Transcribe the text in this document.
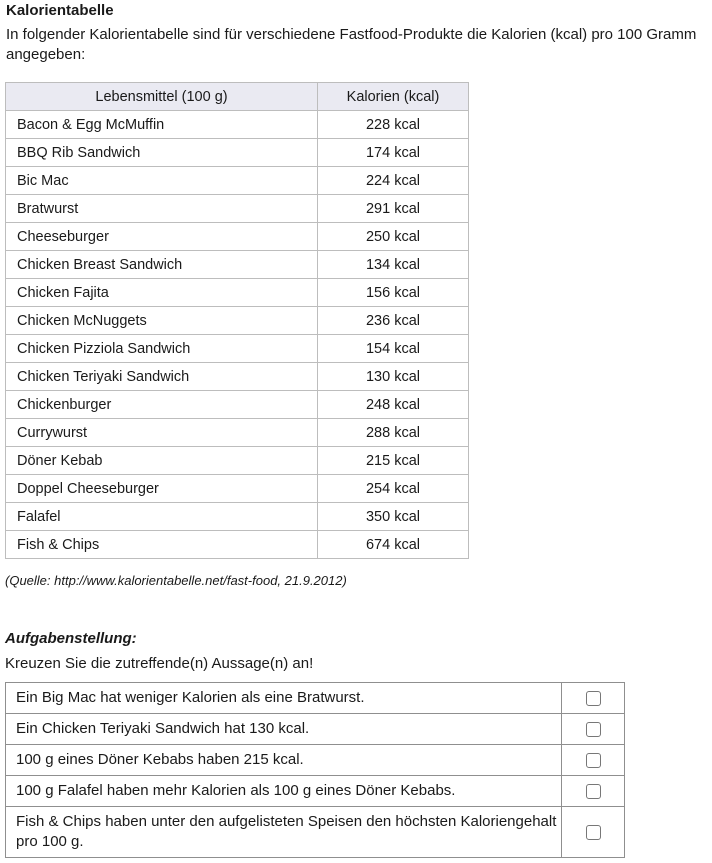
Kalorientabelle
In folgender Kalorientabelle sind für verschiedene Fastfood-Produkte die Kalorien (kcal) pro 100 Gramm angegeben:
Lebensmittel (100 g)	Kalorien (kcal)
Bacon & Egg McMuffin	228 kcal
BBQ Rib Sandwich	174 kcal
Bic Mac	224 kcal
Bratwurst	291 kcal
Cheeseburger	250 kcal
Chicken Breast Sandwich	134 kcal
Chicken Fajita	156 kcal
Chicken McNuggets	236 kcal
Chicken Pizziola Sandwich	154 kcal
Chicken Teriyaki Sandwich	130 kcal
Chickenburger	248 kcal
Currywurst	288 kcal
Döner Kebab	215 kcal
Doppel Cheeseburger	254 kcal
Falafel	350 kcal
Fish & Chips	674 kcal
(Quelle: http://www.kalorientabelle.net/fast-food, 21.9.2012)
Aufgabenstellung:
Kreuzen Sie die zutreffende(n) Aussage(n) an!
Ein Big Mac hat weniger Kalorien als eine Bratwurst.	
Ein Chicken Teriyaki Sandwich hat 130 kcal.	
100 g eines Döner Kebabs haben 215 kcal.	
100 g Falafel haben mehr Kalorien als 100 g eines Döner Kebabs.	
Fish & Chips haben unter den aufgelisteten Speisen den höchsten Kaloriengehalt pro 100 g.	
